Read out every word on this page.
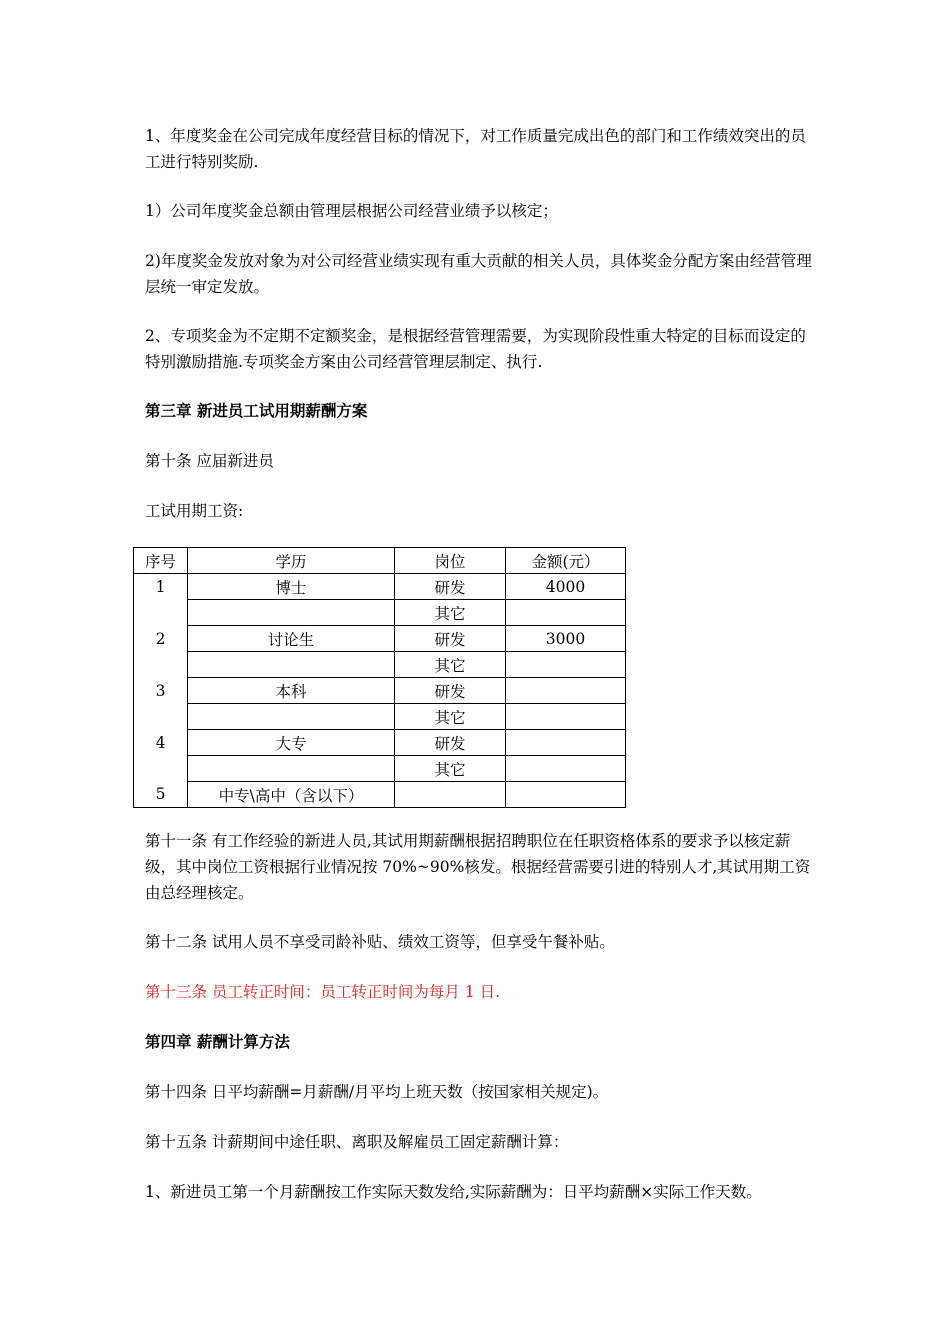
1、年度奖金在公司完成年度经营目标的情况下，对工作质量完成出色的部门和工作绩效突出的员工进行特别奖励.

1）公司年度奖金总额由管理层根据公司经营业绩予以核定；

2)年度奖金发放对象为对公司经营业绩实现有重大贡献的相关人员，具体奖金分配方案由经营管理层统一审定发放。

2、专项奖金为不定期不定额奖金，是根据经营管理需要，为实现阶段性重大特定的目标而设定的特别激励措施.专项奖金方案由公司经营管理层制定、执行.

第三章 新进员工试用期薪酬方案

第十条 应届新进员

工试用期工资:

序号	学历	岗位	金额(元）
1	博士	研发	4000
		其它	
2	讨论生	研发	3000
		其它	
3	本科	研发	
		其它	
4	大专	研发	
		其它	
5	中专\高中（含以下）		

第十一条 有工作经验的新进人员,其试用期薪酬根据招聘职位在任职资格体系的要求予以核定薪级，其中岗位工资根据行业情况按 70%~90%核发。根据经营需要引进的特别人才,其试用期工资由总经理核定。

第十二条 试用人员不享受司龄补贴、绩效工资等，但享受午餐补贴。

第十三条 员工转正时间：员工转正时间为每月 1 日.

第四章 薪酬计算方法

第十四条 日平均薪酬=月薪酬/月平均上班天数（按国家相关规定)。

第十五条 计薪期间中途任职、离职及解雇员工固定薪酬计算：

1、新进员工第一个月薪酬按工作实际天数发给,实际薪酬为：日平均薪酬×实际工作天数。
